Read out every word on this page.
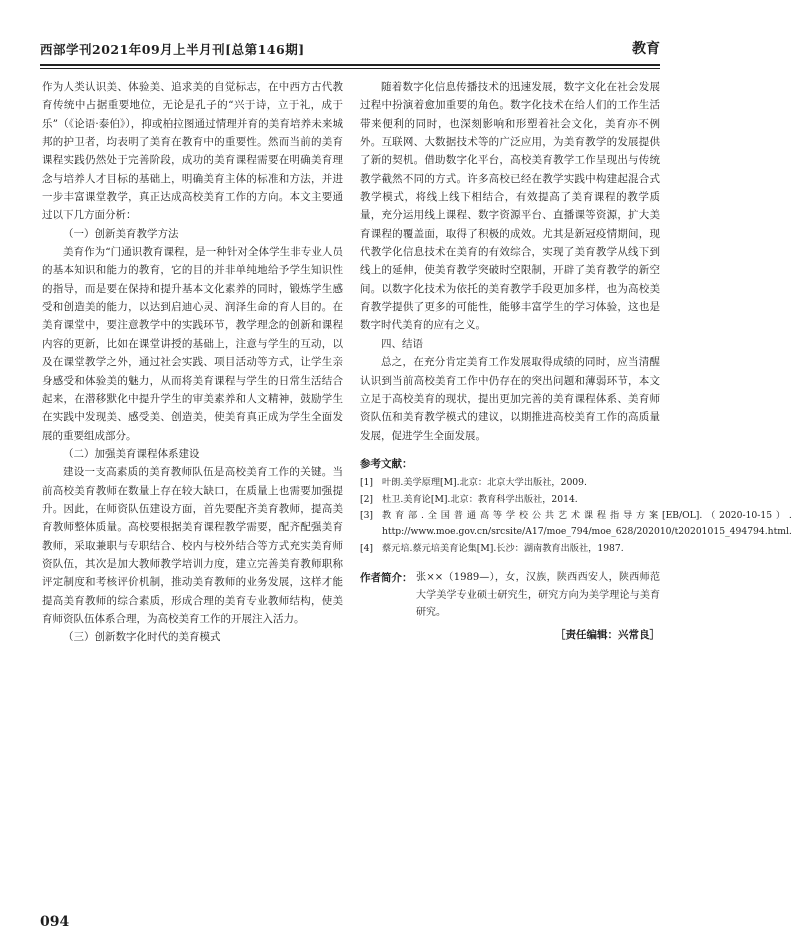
西部学刊2021年09月上半月刊[总第146期]	教育
作为人类认识美、体验美、追求美的自觉标志，在中西方古代教育传统中占据重要地位，无论是孔子的“兴于诗，立于礼，成于乐”（《论语·泰伯》），抑或柏拉图通过情理并育的美育培养未来城邦的护卫者，均表明了美育在教育中的重要性。然而当前的美育课程实践仍然处于完善阶段，成功的美育课程需要在明确美育理念与培养人才目标的基础上，明确美育主体的标准和方法，并进一步丰富课堂教学，真正达成高校美育工作的方向。本文主要通过以下几方面分析：
（一）创新美育教学方法
美育作为“门通识教育课程，是一种针对全体学生非专业人员的基本知识和能力的教育，它的目的并非单纯地给予学生知识性的指导，而是要在保持和提升基本文化素养的同时，锻炼学生感受和创造美的能力，以达到启迪心灵、润泽生命的育人目的。在美育课堂中，要注意教学中的实践环节，教学理念的创新和课程内容的更新，比如在课堂讲授的基础上，注意与学生的互动，以及在课堂教学之外，通过社会实践、项目活动等方式，让学生亲身感受和体验美的魅力，从而将美育课程与学生的日常生活结合起来，在潜移默化中提升学生的审美素养和人文精神，鼓励学生在实践中发现美、感受美、创造美，使美育真正成为学生全面发展的重要组成部分。
（二）加强美育课程体系建设
建设一支高素质的美育教师队伍是高校美育工作的关键。当前高校美育教师在数量上存在较大缺口，在质量上也需要加强提升。因此，在师资队伍建设方面，首先要配齐美育教师，提高美育教师整体质量。高校要根据美育课程教学需要，配齐配强美育教师，采取兼职与专职结合、校内与校外结合等方式充实美育师资队伍，其次是加大教师教学培训力度，建立完善美育教师职称评定制度和考核评价机制，推动美育教师的业务发展，这样才能提高美育教师的综合素质，形成合理的美育专业教师结构，使美育师资队伍体系合理，为高校美育工作的开展注入活力。
（三）创新数字化时代的美育模式
随着数字化信息传播技术的迅速发展，数字文化在社会发展过程中扮演着愈加重要的角色。数字化技术在给人们的工作生活带来便利的同时，也深刻影响和形塑着社会文化，美育亦不例外。互联网、大数据技术等的广泛应用，为美育教学的发展提供了新的契机。借助数字化平台，高校美育教学工作呈现出与传统教学截然不同的方式。许多高校已经在教学实践中构建起混合式教学模式，将线上线下相结合，有效提高了美育课程的教学质量，充分运用线上课程、数字资源平台、直播课等资源，扩大美育课程的覆盖面，取得了积极的成效。尤其是新冠疫情期间，现代教学化信息技术在美育的有效综合，实现了美育教学从线下到线上的延伸，使美育教学突破时空限制，开辟了美育教学的新空间。以数字化技术为依托的美育教学手段更加多样，也为高校美育教学提供了更多的可能性，能够丰富学生的学习体验，这也是数字时代美育的应有之义。
四、结语
总之，在充分肯定美育工作发展取得成绩的同时，应当清醒认识到当前高校美育工作中仍存在的突出问题和薄弱环节，本文立足于高校美育的现状，提出更加完善的美育课程体系、美育师资队伍和美育教学模式的建议，以期推进高校美育工作的高质量发展，促进学生全面发展。
参考文献：
[1] 叶朗.美学原理[M].北京：北京大学出版社，2009.
[2] 杜卫.美育论[M].北京：教育科学出版社，2014.
[3] 教育部.全国普通高等学校公共艺术课程指导方案[EB/OL].（2020-10-15）. http://www.moe.gov.cn/srcsite/A17/moe_794/moe_628/202010/t20201015_494794.html.
[4] 蔡元培.蔡元培美育论集[M].长沙：湖南教育出版社，1987.
作者简介： 张××（1989—），女，汉族，陕西西安人，陕西师范大学美学专业硕士研究生，研究方向为美学理论与美育研究。
［责任编辑：兴常良］
094
